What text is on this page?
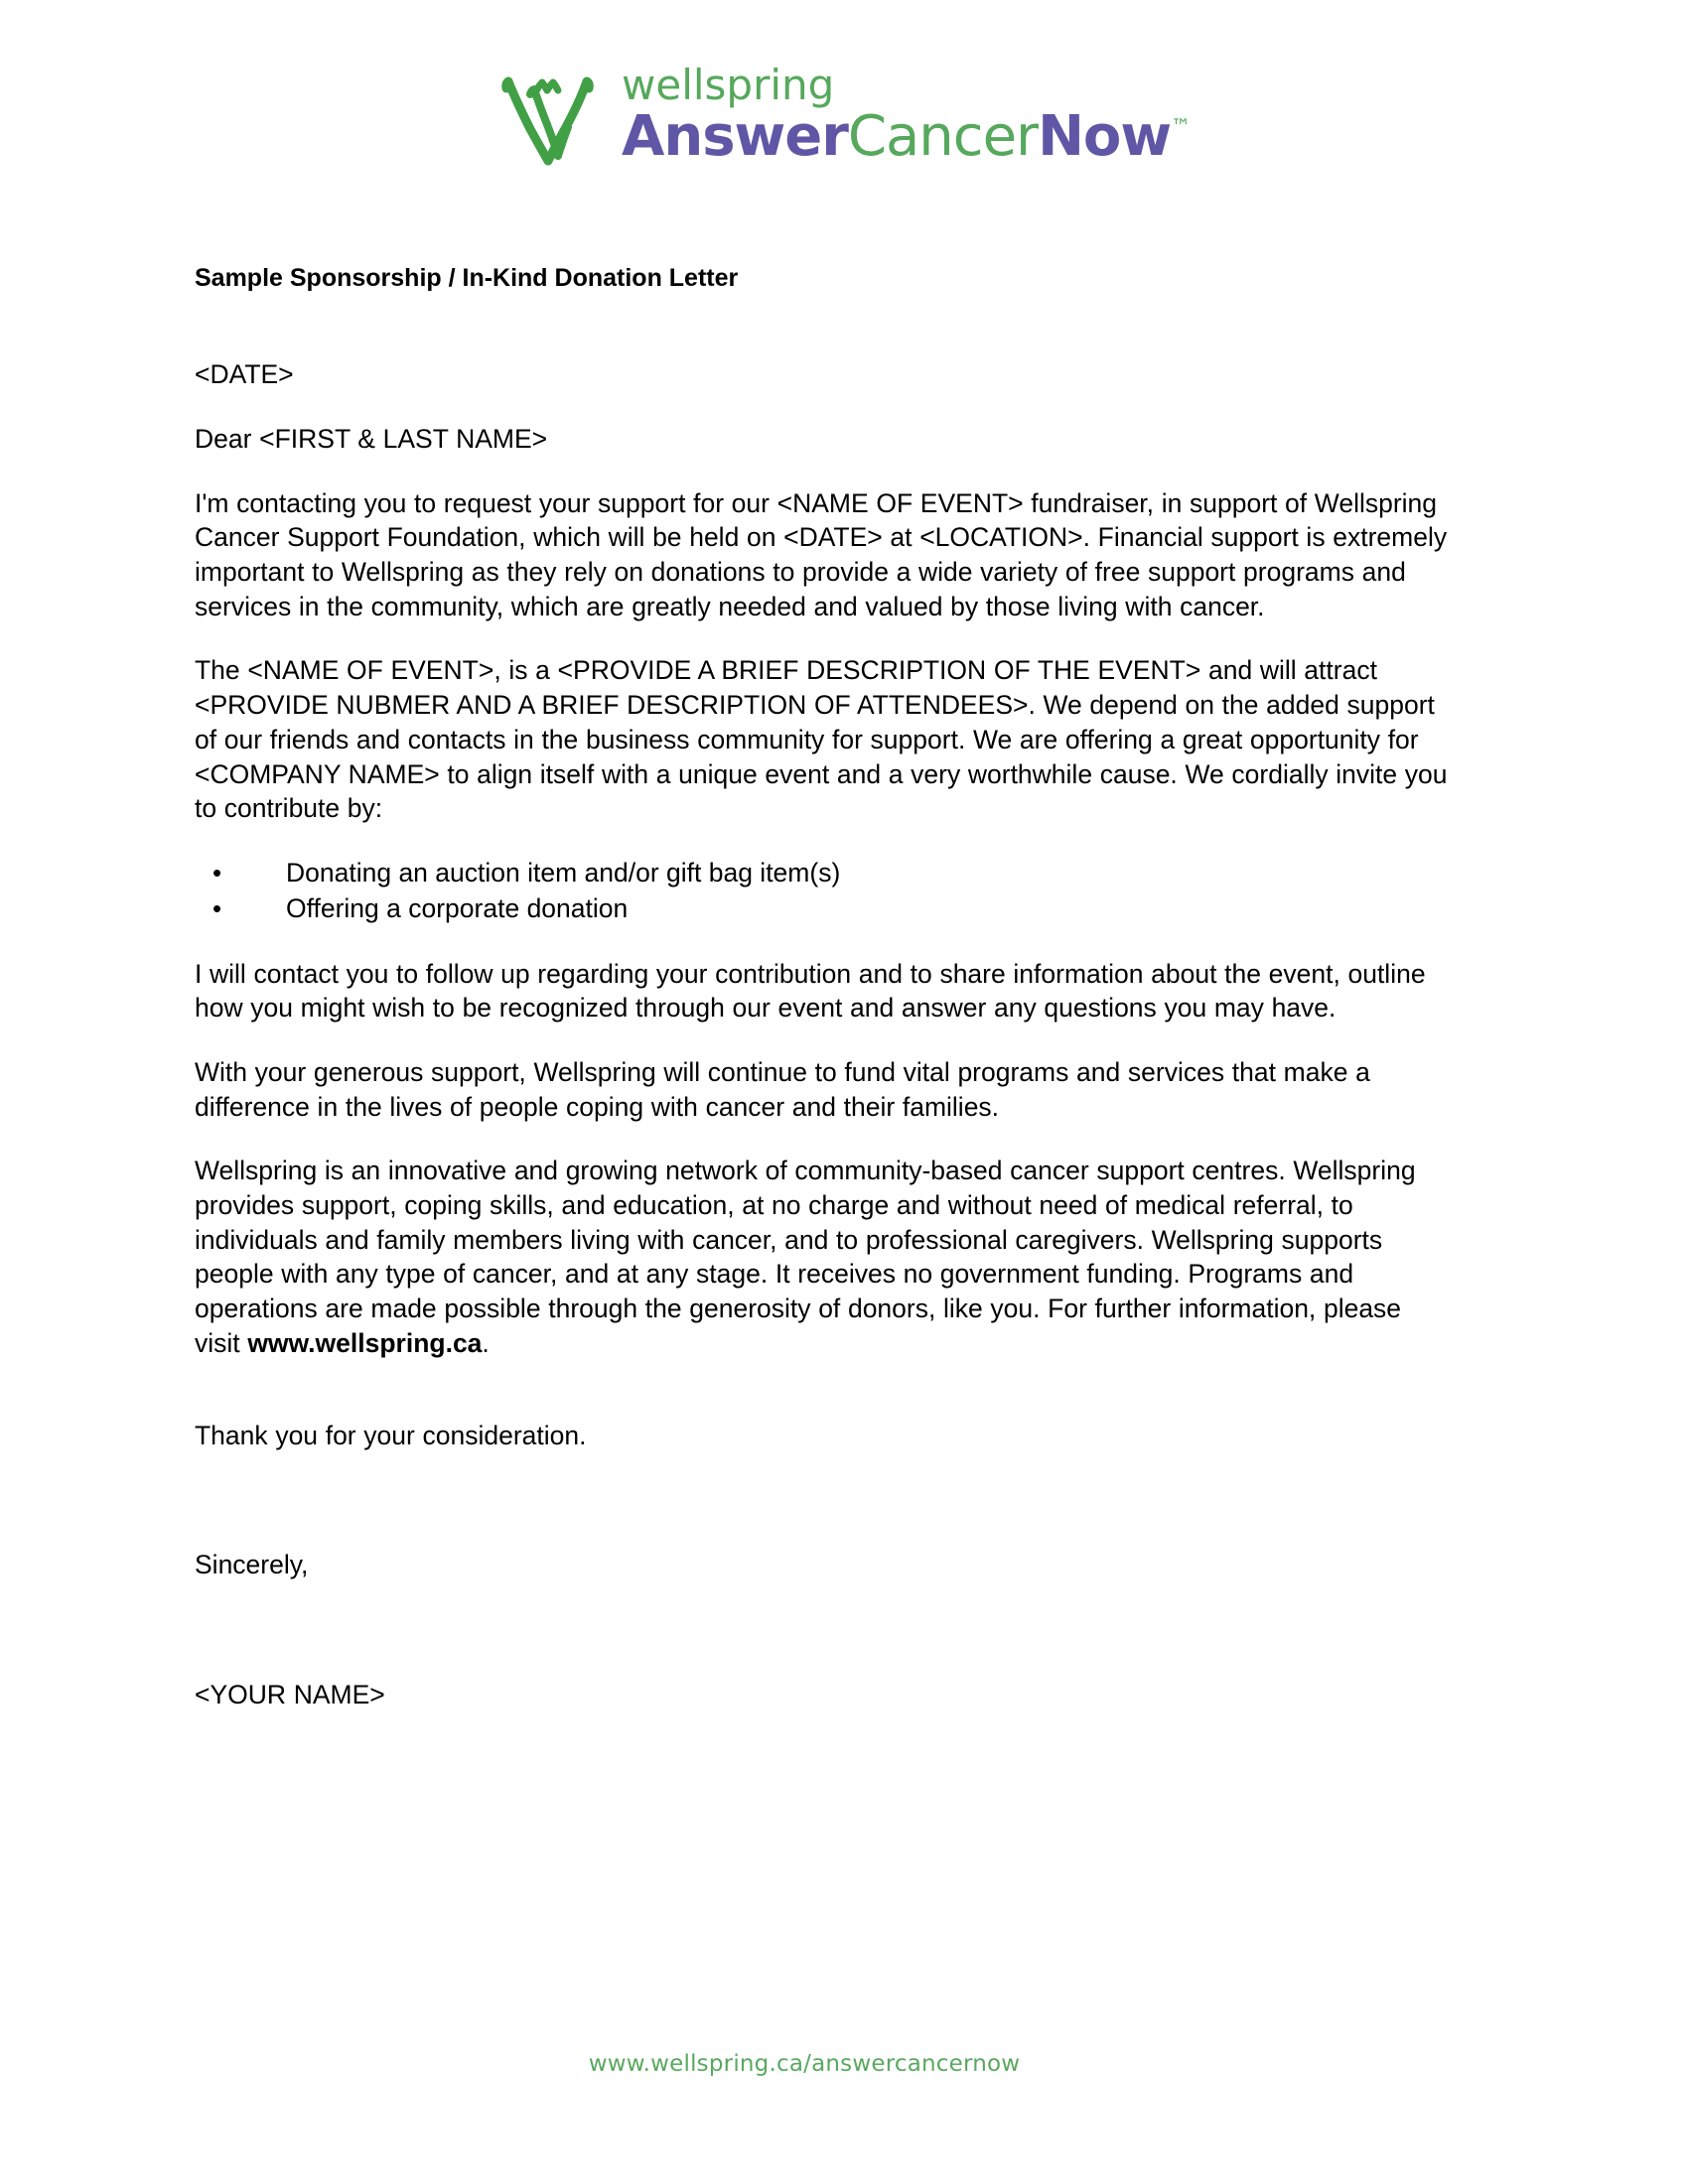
wellspring
AnswerCancerNow™
Sample Sponsorship / In-Kind Donation Letter

<DATE>

Dear <FIRST & LAST NAME>

I'm contacting you to request your support for our <NAME OF EVENT> fundraiser, in support of Wellspring Cancer Support Foundation, which will be held on <DATE> at <LOCATION>. Financial support is extremely important to Wellspring as they rely on donations to provide a wide variety of free support programs and services in the community, which are greatly needed and valued by those living with cancer.

The <NAME OF EVENT>, is a <PROVIDE A BRIEF DESCRIPTION OF THE EVENT> and will attract <PROVIDE NUBMER AND A BRIEF DESCRIPTION OF ATTENDEES>. We depend on the added support of our friends and contacts in the business community for support. We are offering a great opportunity for <COMPANY NAME> to align itself with a unique event and a very worthwhile cause. We cordially invite you to contribute by:

• Donating an auction item and/or gift bag item(s)
• Offering a corporate donation

I will contact you to follow up regarding your contribution and to share information about the event, outline how you might wish to be recognized through our event and answer any questions you may have.

With your generous support, Wellspring will continue to fund vital programs and services that make a difference in the lives of people coping with cancer and their families.

Wellspring is an innovative and growing network of community-based cancer support centres. Wellspring provides support, coping skills, and education, at no charge and without need of medical referral, to individuals and family members living with cancer, and to professional caregivers. Wellspring supports people with any type of cancer, and at any stage. It receives no government funding. Programs and operations are made possible through the generosity of donors, like you. For further information, please visit www.wellspring.ca.

Thank you for your consideration.

Sincerely,

<YOUR NAME>

www.wellspring.ca/answercancernow
